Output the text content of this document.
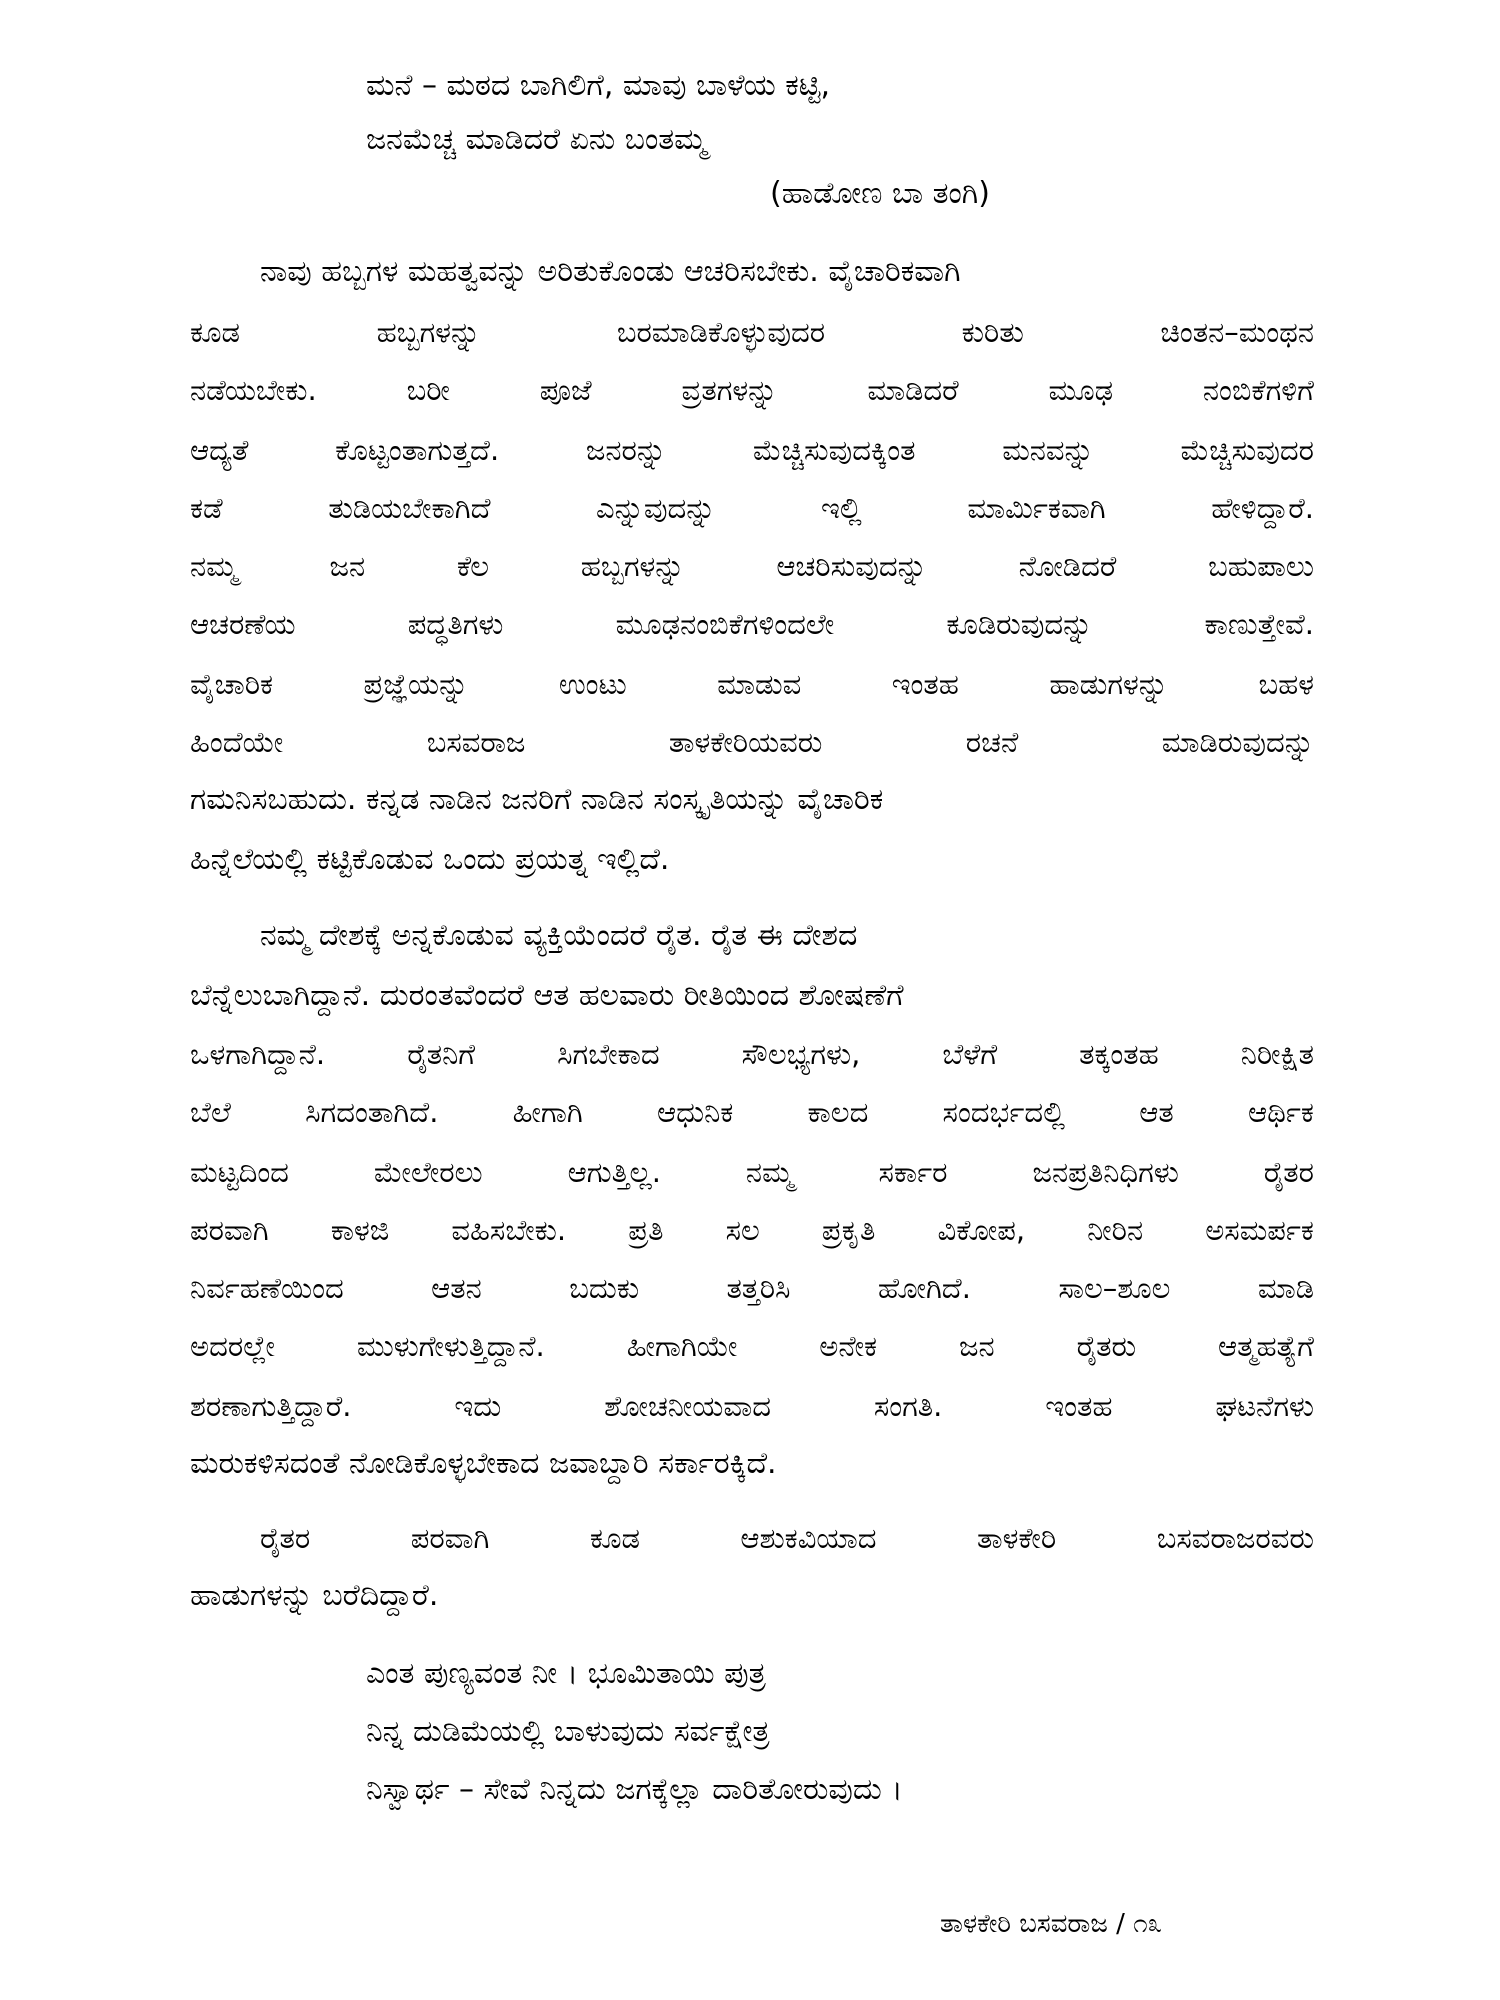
ಮನೆ – ಮಠದ ಬಾಗಿಲಿಗೆ, ಮಾವು ಬಾಳೆಯ ಕಟ್ಟಿ,
ಜನಮೆಚ್ಚ ಮಾಡಿದರೆ ಏನು ಬಂತಮ್ಮ
(ಹಾಡೋಣ ಬಾ ತಂಗಿ)
ನಾವು ಹಬ್ಬಗಳ ಮಹತ್ವವನ್ನು ಅರಿತುಕೊಂಡು ಆಚರಿಸಬೇಕು. ವೈಚಾರಿಕವಾಗಿ
ಕೂಡ	ಹಬ್ಬಗಳನ್ನು	ಬರಮಾಡಿಕೊಳ್ಳುವುದರ	ಕುರಿತು	ಚಿಂತನ–ಮಂಥನ
ನಡೆಯಬೇಕು.	ಬರೀ	ಪೂಜೆ	ವ್ರತಗಳನ್ನು	ಮಾಡಿದರೆ	ಮೂಢ	ನಂಬಿಕೆಗಳಿಗೆ
ಆದ್ಯತೆ	ಕೊಟ್ಟಂತಾಗುತ್ತದೆ.	ಜನರನ್ನು	ಮೆಚ್ಚಿಸುವುದಕ್ಕಿಂತ	ಮನವನ್ನು	ಮೆಚ್ಚಿಸುವುದರ
ಕಡೆ	ತುಡಿಯಬೇಕಾಗಿದೆ	ಎನ್ನುವುದನ್ನು	ಇಲ್ಲಿ	ಮಾರ್ಮಿಕವಾಗಿ	ಹೇಳಿದ್ದಾರೆ.
ನಮ್ಮ	ಜನ	ಕೆಲ	ಹಬ್ಬಗಳನ್ನು	ಆಚರಿಸುವುದನ್ನು	ನೋಡಿದರೆ	ಬಹುಪಾಲು
ಆಚರಣೆಯ	ಪದ್ಧತಿಗಳು	ಮೂಢನಂಬಿಕೆಗಳಿಂದಲೇ	ಕೂಡಿರುವುದನ್ನು	ಕಾಣುತ್ತೇವೆ.
ವೈಚಾರಿಕ	ಪ್ರಜ್ಞೆಯನ್ನು	ಉಂಟು	ಮಾಡುವ	ಇಂತಹ	ಹಾಡುಗಳನ್ನು	ಬಹಳ
ಹಿಂದೆಯೇ	ಬಸವರಾಜ	ತಾಳಕೇರಿಯವರು	ರಚನೆ	ಮಾಡಿರುವುದನ್ನು
ಗಮನಿಸಬಹುದು. ಕನ್ನಡ ನಾಡಿನ ಜನರಿಗೆ ನಾಡಿನ ಸಂಸ್ಕೃತಿಯನ್ನು ವೈಚಾರಿಕ
ಹಿನ್ನೆಲೆಯಲ್ಲಿ ಕಟ್ಟಿಕೊಡುವ ಒಂದು ಪ್ರಯತ್ನ ಇಲ್ಲಿದೆ.
ನಮ್ಮ ದೇಶಕ್ಕೆ ಅನ್ನಕೊಡುವ ವ್ಯಕ್ತಿಯೆಂದರೆ ರೈತ. ರೈತ ಈ ದೇಶದ
ಬೆನ್ನೆಲುಬಾಗಿದ್ದಾನೆ. ದುರಂತವೆಂದರೆ ಆತ ಹಲವಾರು ರೀತಿಯಿಂದ ಶೋಷಣೆಗೆ
ಒಳಗಾಗಿದ್ದಾನೆ.	ರೈತನಿಗೆ	ಸಿಗಬೇಕಾದ	ಸೌಲಭ್ಯಗಳು,	ಬೆಳೆಗೆ	ತಕ್ಕಂತಹ	ನಿರೀಕ್ಷಿತ
ಬೆಲೆ	ಸಿಗದಂತಾಗಿದೆ.	ಹೀಗಾಗಿ	ಆಧುನಿಕ	ಕಾಲದ	ಸಂದರ್ಭದಲ್ಲಿ	ಆತ	ಆರ್ಥಿಕ
ಮಟ್ಟದಿಂದ	ಮೇಲೇರಲು	ಆಗುತ್ತಿಲ್ಲ.	ನಮ್ಮ	ಸರ್ಕಾರ	ಜನಪ್ರತಿನಿಧಿಗಳು	ರೈತರ
ಪರವಾಗಿ ಕಾಳಜಿ ವಹಿಸಬೇಕು. ಪ್ರತಿ ಸಲ ಪ್ರಕೃತಿ ವಿಕೋಪ, ನೀರಿನ ಅಸಮರ್ಪಕ
ನಿರ್ವಹಣೆಯಿಂದ	ಆತನ	ಬದುಕು	ತತ್ತರಿಸಿ	ಹೋಗಿದೆ.	ಸಾಲ–ಶೂಲ	ಮಾಡಿ
ಅದರಲ್ಲೇ	ಮುಳುಗೇಳುತ್ತಿದ್ದಾನೆ.	ಹೀಗಾಗಿಯೇ	ಅನೇಕ	ಜನ	ರೈತರು	ಆತ್ಮಹತ್ಯೆಗೆ
ಶರಣಾಗುತ್ತಿದ್ದಾರೆ.	ಇದು	ಶೋಚನೀಯವಾದ	ಸಂಗತಿ.	ಇಂತಹ	ಘಟನೆಗಳು
ಮರುಕಳಿಸದಂತೆ ನೋಡಿಕೊಳ್ಳಬೇಕಾದ ಜವಾಬ್ದಾರಿ ಸರ್ಕಾರಕ್ಕಿದೆ.
ರೈತರ	ಪರವಾಗಿ	ಕೂಡ	ಆಶುಕವಿಯಾದ	ತಾಳಕೇರಿ	ಬಸವರಾಜರವರು
ಹಾಡುಗಳನ್ನು ಬರೆದಿದ್ದಾರೆ.
ಎಂತ ಪುಣ್ಯವಂತ ನೀ । ಭೂಮಿತಾಯಿ ಪುತ್ರ
ನಿನ್ನ ದುಡಿಮೆಯಲ್ಲಿ ಬಾಳುವುದು ಸರ್ವಕ್ಷೇತ್ರ
ನಿಸ್ವಾರ್ಥ – ಸೇವೆ ನಿನ್ನದು ಜಗಕ್ಕೆಲ್ಲಾ ದಾರಿತೋರುವುದು ।
ತಾಳಕೇರಿ ಬಸವರಾಜ / ೧೩
